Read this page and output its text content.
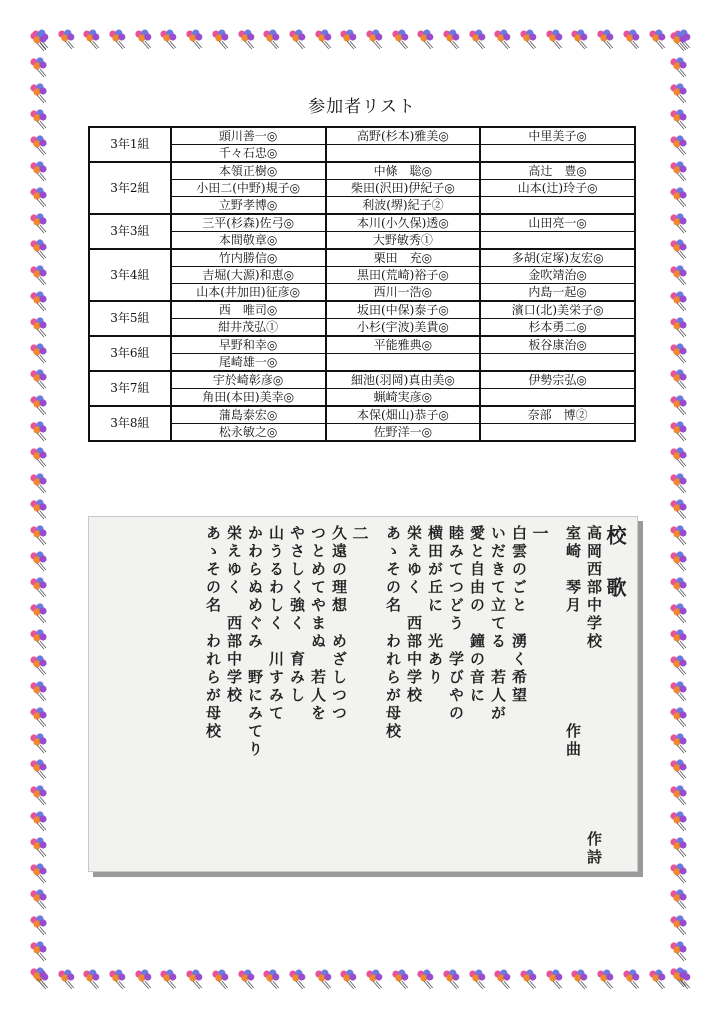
参加者リスト
3年1組	頭川善一◎	高野(杉本)雅美◎	中里美子◎
	千々石忠◎		
3年2組	本領正樹◎	中條　聡◎	高辻　豊◎
	小田二(中野)規子◎	柴田(沢田)伊紀子◎	山本(辻)玲子◎
	立野孝博◎	利波(堺)紀子②	
3年3組	三平(杉森)佐弓◎	本川(小久保)透◎	山田亮一◎
	本間敬章◎	大野敏秀①	
3年4組	竹内勝信◎	栗田　充◎	多胡(定塚)友宏◎
	吉堀(大源)和恵◎	黒田(荒崎)裕子◎	金吹靖治◎
	山本(井加田)征彦◎	西川一浩◎	内島一起◎
3年5組	西　唯司◎	坂田(中保)泰子◎	濱口(北)美栄子◎
	紺井茂弘①	小杉(宇波)美貴◎	杉本勇二◎
3年6組	早野和幸◎	平能雅典◎	板谷康治◎
	尾崎雄一◎		
3年7組	宇於崎彰彦◎	細池(羽岡)真由美◎	伊勢宗弘◎
	角田(本田)美幸◎	蝋崎実彦◎	
3年8組	蒲島泰宏◎	本保(畑山)恭子◎	奈部　博②
	松永敏之◎	佐野洋一◎	
校　歌
高岡西部中学校　　　　　　　　　　作詩
室崎　琴月　　　　　　作曲
一
白雲のごと　湧く希望
いだきて立てる　若人が
愛と自由の　鐘の音に
睦みてつどう　学びやの
横田が丘に　光あり
栄えゆく　西部中学校
あゝその名　われらが母校
二
久遠の理想　めざしつつ
つとめてやまぬ　若人を
やさしく強く　育みし
山うるわしく　川すみて
かわらぬめぐみ　野にみてり
栄えゆく　西部中学校
あゝその名　われらが母校
